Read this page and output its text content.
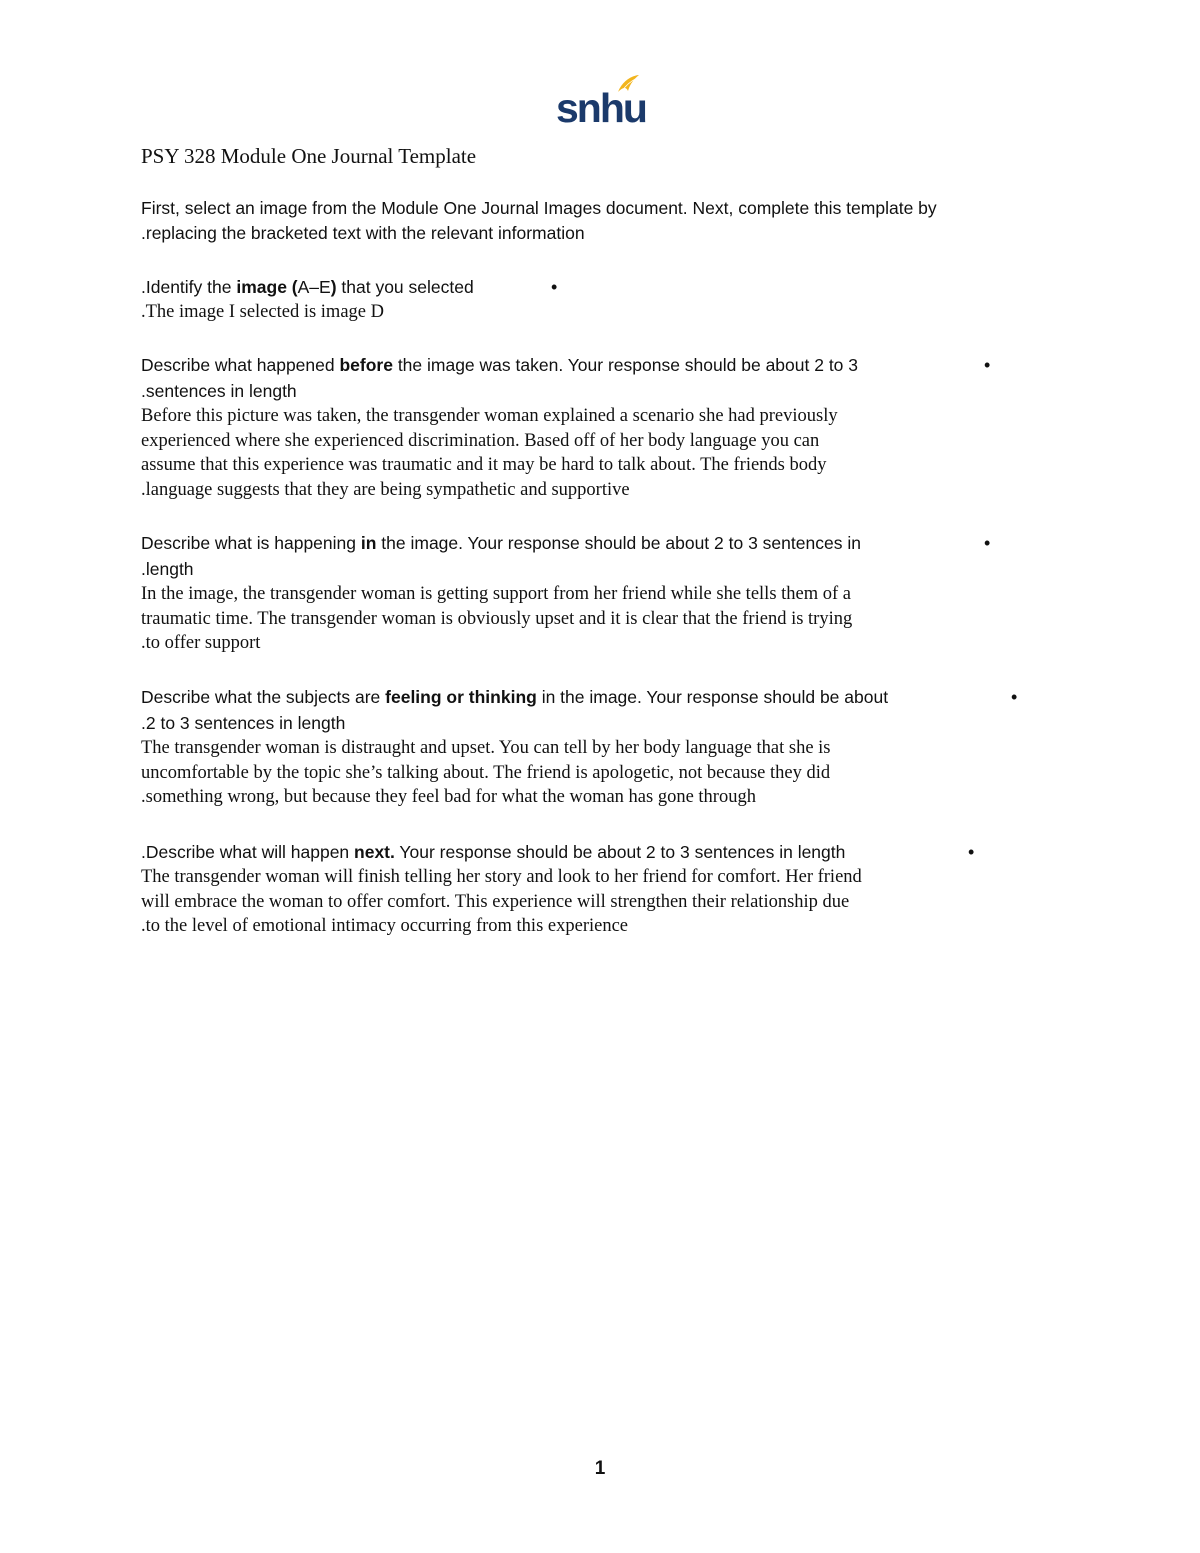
snhu
PSY 328 Module One Journal Template
First, select an image from the Module One Journal Images document. Next, complete this template by
.replacing the bracketed text with the relevant information
.Identify the image (A–E) that you selected	•
.The image I selected is image D
Describe what happened before the image was taken. Your response should be about 2 to 3
.sentences in length
•
Before this picture was taken, the transgender woman explained a scenario she had previously
experienced where she experienced discrimination. Based off of her body language you can
assume that this experience was traumatic and it may be hard to talk about. The friends body
.language suggests that they are being sympathetic and supportive
Describe what is happening in the image. Your response should be about 2 to 3 sentences in
.length
•
In the image, the transgender woman is getting support from her friend while she tells them of a
traumatic time. The transgender woman is obviously upset and it is clear that the friend is trying
.to offer support
Describe what the subjects are feeling or thinking in the image. Your response should be about
.2 to 3 sentences in length
•
The transgender woman is distraught and upset. You can tell by her body language that she is
uncomfortable by the topic she’s talking about. The friend is apologetic, not because they did
.something wrong, but because they feel bad for what the woman has gone through
.Describe what will happen next. Your response should be about 2 to 3 sentences in length	•
The transgender woman will finish telling her story and look to her friend for comfort. Her friend
will embrace the woman to offer comfort. This experience will strengthen their relationship due
.to the level of emotional intimacy occurring from this experience
1
